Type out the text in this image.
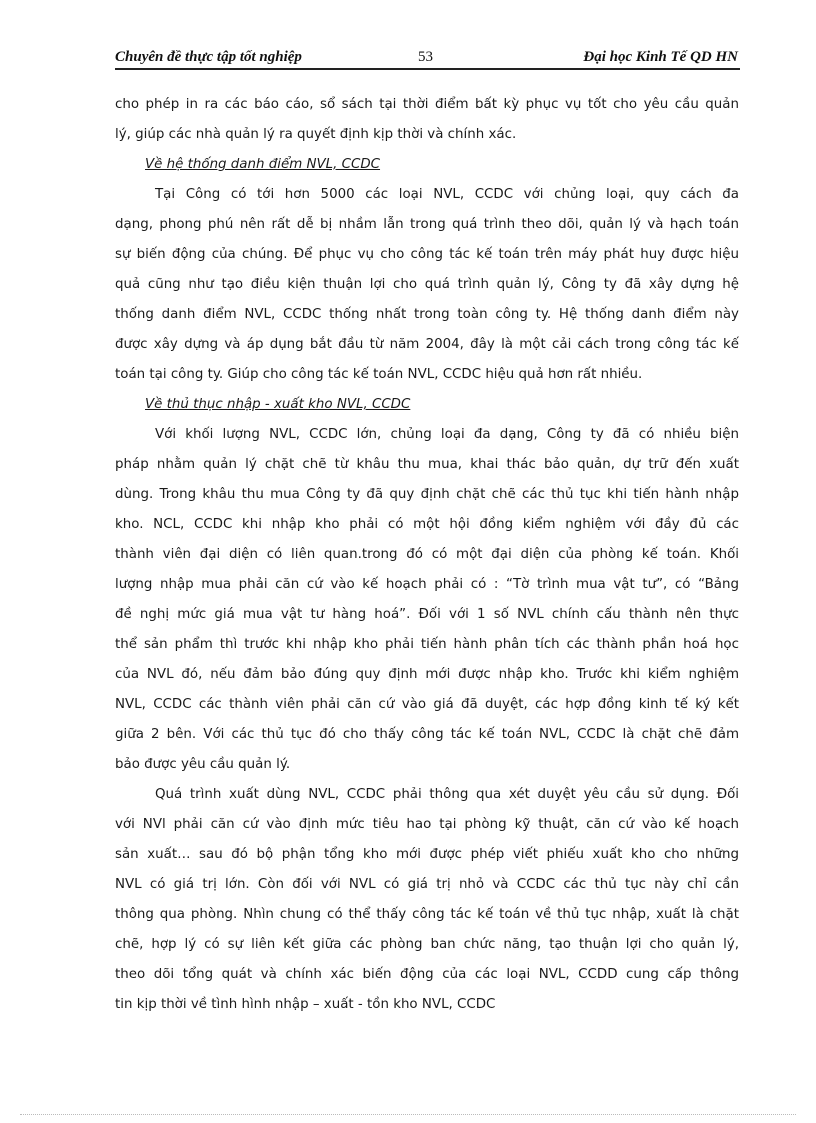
Chuyên đề thực tập tốt nghiệp	53	Đại học Kinh Tế QD HN
cho phép in ra các báo cáo, sổ sách tại thời điểm bất kỳ phục vụ tốt cho yêu cầu quản
lý, giúp các nhà quản lý ra quyết định kịp thời và chính xác.
Về hệ thống danh điểm NVL, CCDC
Tại Công có tới hơn 5000 các loại NVL, CCDC với chủng loại, quy cách đa
dạng, phong phú nên rất dễ bị nhầm lẫn trong quá trình theo dõi, quản lý và hạch toán
sự biến động của chúng. Để phục vụ cho công tác kế toán trên máy phát huy được hiệu
quả cũng như tạo điều kiện thuận lợi cho quá trình quản lý, Công ty đã xây dựng hệ
thống danh điểm NVL, CCDC thống nhất trong toàn công ty. Hệ thống danh điểm này
được xây dựng và áp dụng bắt đầu từ năm 2004, đây là một cải cách trong công tác kế
toán tại công ty. Giúp cho công tác kế toán NVL, CCDC hiệu quả hơn rất nhiều.
Về thủ thục nhập - xuất kho NVL, CCDC
Với khối lượng NVL, CCDC lớn, chủng loại đa dạng, Công ty đã có nhiều biện
pháp nhằm quản lý chặt chẽ từ khâu thu mua, khai thác bảo quản, dự trữ đến xuất
dùng. Trong khâu thu mua Công ty đã quy định chặt chẽ các thủ tục khi tiến hành nhập
kho. NCL, CCDC khi nhập kho phải có một hội đồng kiểm nghiệm với đầy đủ các
thành viên đại diện có liên quan.trong đó có một đại diện của phòng kế toán. Khối
lượng nhập mua phải căn cứ vào kế hoạch phải có : “Tờ trình mua vật tư”, có “Bảng
đề nghị mức giá mua vật tư hàng hoá”. Đối với 1 số NVL chính cấu thành nên thực
thể sản phẩm thì trước khi nhập kho phải tiến hành phân tích các thành phần hoá học
của NVL đó, nếu đảm bảo đúng quy định mới được nhập kho. Trước khi kiểm nghiệm
NVL, CCDC các thành viên phải căn cứ vào giá đã duyệt, các hợp đồng kinh tế ký kết
giữa 2 bên. Với các thủ tục đó cho thấy công tác kế toán NVL, CCDC là chặt chẽ đảm
bảo được yêu cầu quản lý.
Quá trình xuất dùng NVL, CCDC phải thông qua xét duyệt yêu cầu sử dụng. Đối
với NVl phải căn cứ vào định mức tiêu hao tại phòng kỹ thuật, căn cứ vào kế hoạch
sản xuất… sau đó bộ phận tổng kho mới được phép viết phiếu xuất kho cho những
NVL có giá trị lớn. Còn đối với NVL có giá trị nhỏ và CCDC các thủ tục này chỉ cần
thông qua phòng. Nhìn chung có thể thấy công tác kế toán về thủ tục nhập, xuất là chặt
chẽ, hợp lý có sự liên kết giữa các phòng ban chức năng, tạo thuận lợi cho quản lý,
theo dõi tổng quát và chính xác biến động của các loại NVL, CCDD cung cấp thông
tin kịp thời về tình hình nhập – xuất - tồn kho NVL, CCDC
